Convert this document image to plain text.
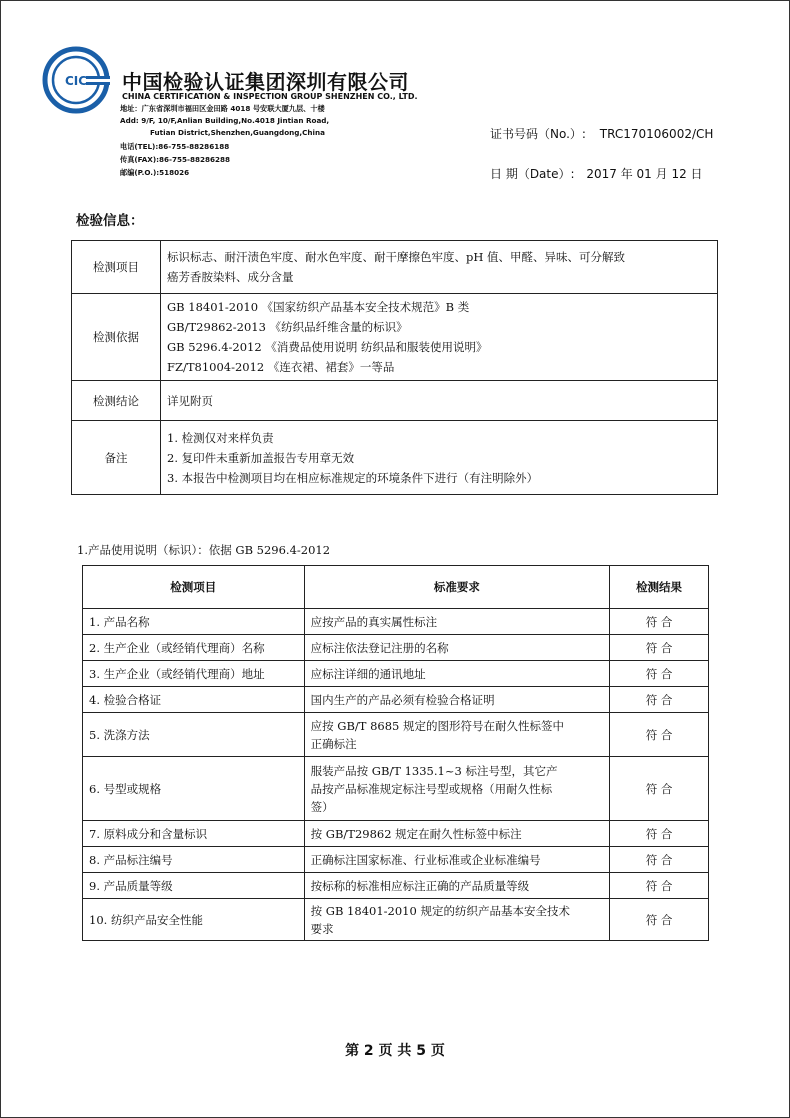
CIC 中国检验认证集团深圳有限公司
CHINA CERTIFICATION & INSPECTION GROUP SHENZHEN CO., LTD.
地址：广东省深圳市福田区金田路 4018 号安联大厦九层、十楼
Add: 9/F, 10/F,Anlian Building,No.4018 Jintian Road,
Futian District,Shenzhen,Guangdong,China
电话(TEL):86-755-88286188
传真(FAX):86-755-88286288
邮编(P.O.):518026
证书号码（No.）: TRC170106002/CH
日 期（Date）: 2017 年 01 月 12 日
检验信息：
检测项目	标识标志、耐汗渍色牢度、耐水色牢度、耐干摩擦色牢度、pH 值、甲醛、异味、可分解致
癌芳香胺染料、成分含量

检测依据	GB 18401-2010 《国家纺织产品基本安全技术规范》B 类
GB/T29862-2013 《纺织品纤维含量的标识》
GB 5296.4-2012 《消费品使用说明 纺织品和服装使用说明》
FZ/T81004-2012 《连衣裙、裙套》一等品

检测结论	详见附页

备注	1. 检测仅对来样负责
2. 复印件未重新加盖报告专用章无效
3. 本报告中检测项目均在相应标准规定的环境条件下进行（有注明除外）
1.产品使用说明（标识）：依据 GB 5296.4-2012
检测项目	标准要求	检测结果
1. 产品名称	应按产品的真实属性标注	符 合
2. 生产企业（或经销代理商）名称	应标注依法登记注册的名称	符 合
3. 生产企业（或经销代理商）地址	应标注详细的通讯地址	符 合
4. 检验合格证	国内生产的产品必须有检验合格证明	符 合
5. 洗涤方法	应按 GB/T 8685 规定的图形符号在耐久性标签中
正确标注	符 合
6. 号型或规格	服装产品按 GB/T 1335.1~3 标注号型，其它产
品按产品标准规定标注号型或规格（用耐久性标
签）	符 合
7. 原料成分和含量标识	按 GB/T29862 规定在耐久性标签中标注	符 合
8. 产品标注编号	正确标注国家标准、行业标准或企业标准编号	符 合
9. 产品质量等级	按标称的标准相应标注正确的产品质量等级	符 合
10. 纺织产品安全性能	按 GB 18401-2010 规定的纺织产品基本安全技术
要求	符 合
第 2 页 共 5 页
